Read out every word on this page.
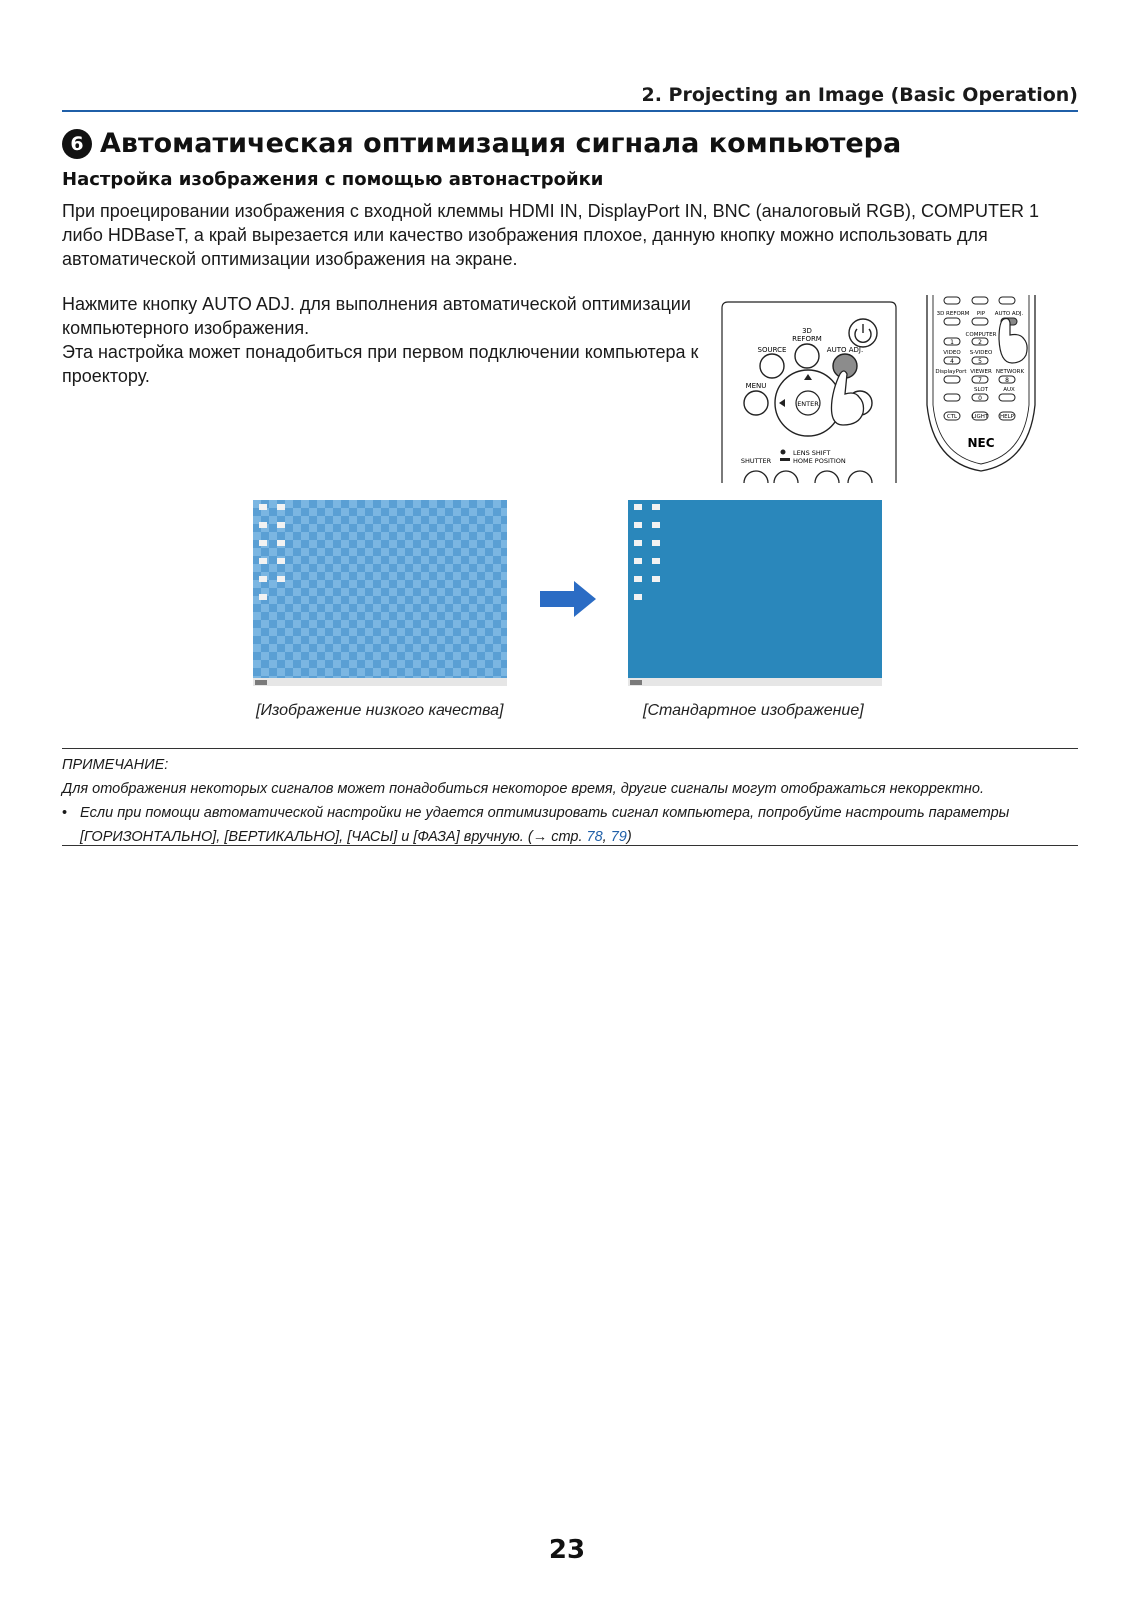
2. Projecting an Image (Basic Operation)
6 Автоматическая оптимизация сигнала компьютера
Настройка изображения с помощью автонастройки
При проецировании изображения с входной клеммы HDMI IN, DisplayPort IN, BNC (аналоговый RGB), COMPUTER 1 либо HDBaseT, а край вырезается или качество изображения плохое, данную кнопку можно использовать для автоматической оптимизации изображения на экране.

Нажмите кнопку AUTO ADJ. для выполнения автоматической оптимизации компьютерного изображения.

Эта настройка может понадобиться при первом подключении компьютера к проектору.

3D
REFORM
SOURCE	AUTO ADJ.
MENU
ENTER
LENS SHIFT
HOME POSITION
SHUTTER
3D REFORM PIP AUTO ADJ.
COMPUTER
1	2
VIDEO S-VIDEO
4	5
DisplayPort VIEWER NETWORK
7	8
SLOT	AUX
0
CTL	LIGHT HELP
NEC
[Изображение низкого качества]	[Стандартное изображение]

ПРИМЕЧАНИЕ:

Для отображения некоторых сигналов может понадобиться некоторое время, другие сигналы могут отображаться некорректно.

• Если при помощи автоматической настройки не удается оптимизировать сигнал компьютера, попробуйте настроить параметры [ГОРИЗОНТАЛЬНО], [ВЕРТИКАЛЬНО], [ЧАСЫ] и [ФАЗА] вручную. (→ стр. 78, 79)
23
